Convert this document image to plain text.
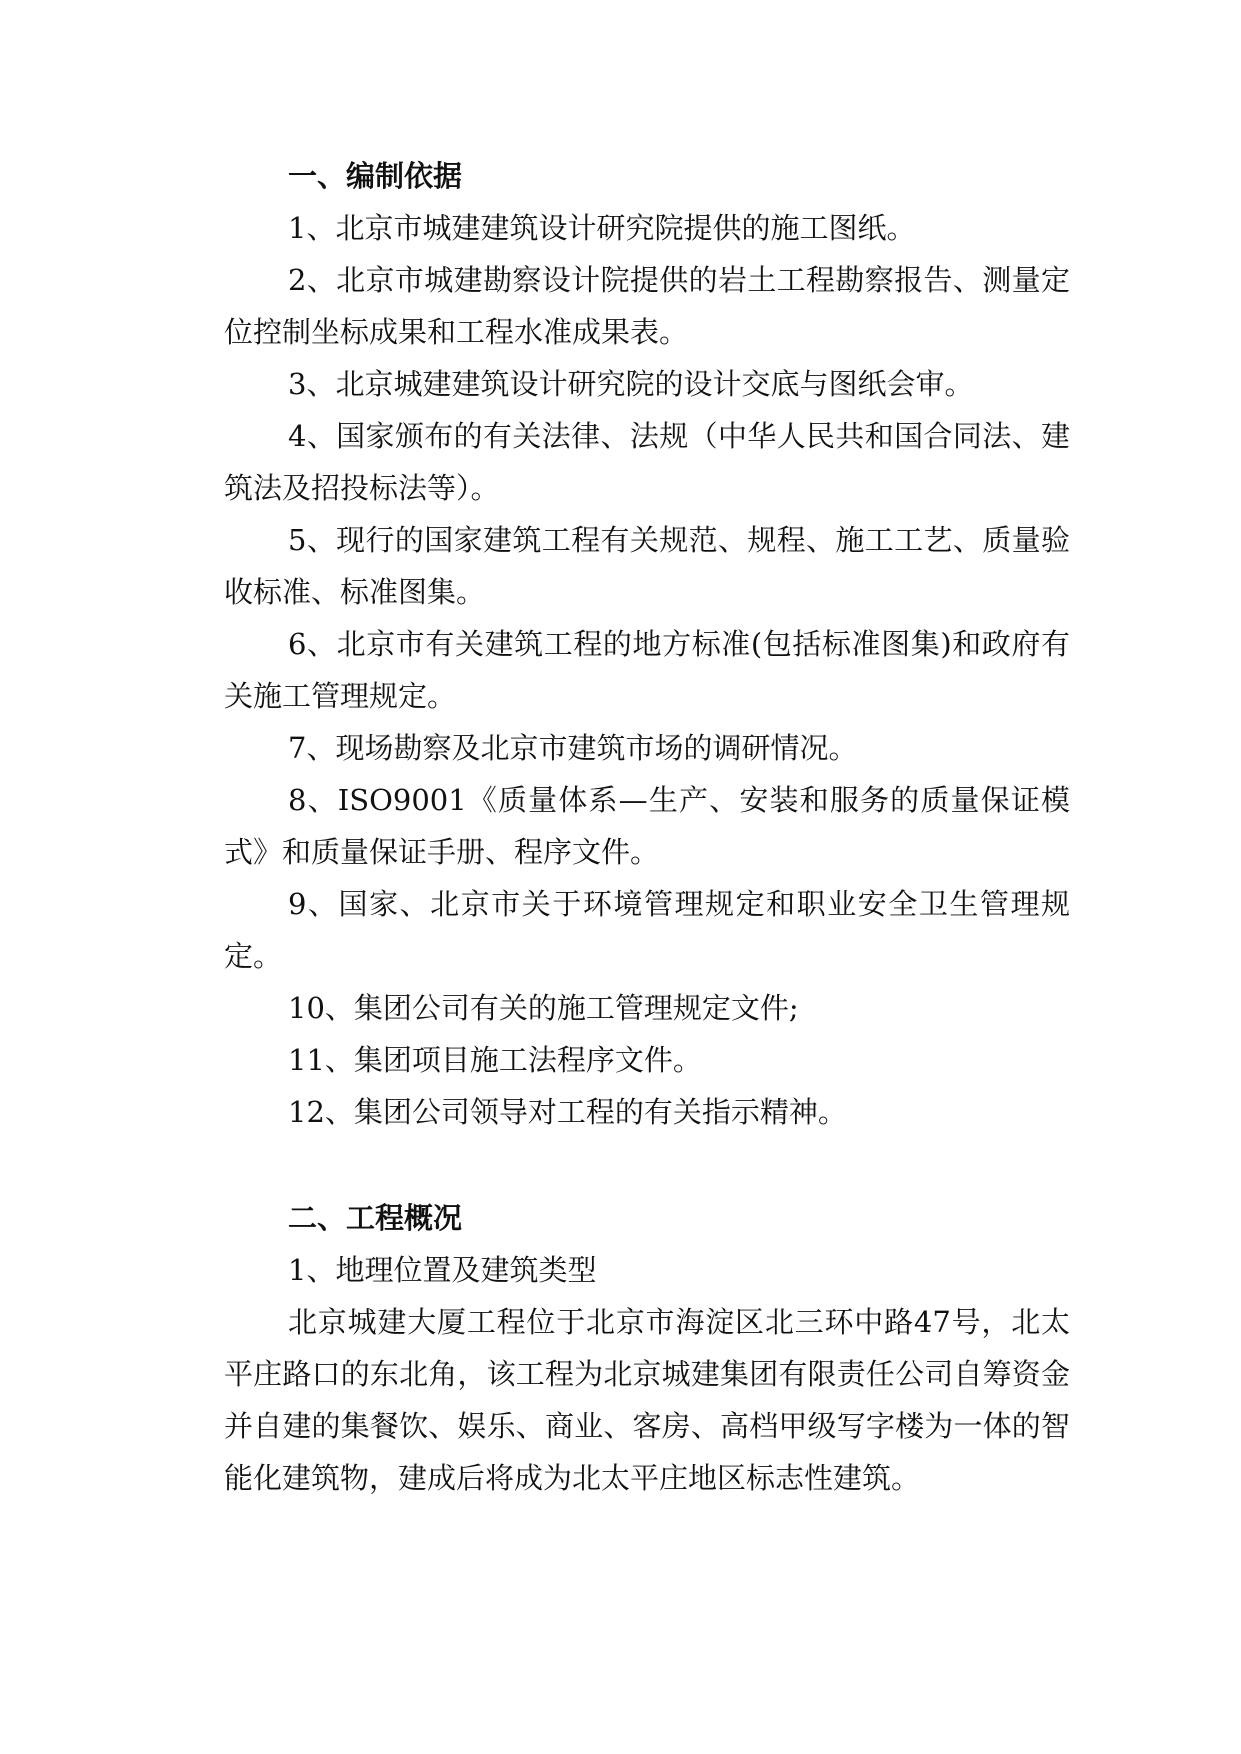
一、编制依据

1、北京市城建建筑设计研究院提供的施工图纸。

2、北京市城建勘察设计院提供的岩土工程勘察报告、测量定位控制坐标成果和工程水准成果表。

3、北京城建建筑设计研究院的设计交底与图纸会审。

4、国家颁布的有关法律、法规（中华人民共和国合同法、建筑法及招投标法等）。

5、现行的国家建筑工程有关规范、规程、施工工艺、质量验收标准、标准图集。

6、北京市有关建筑工程的地方标准(包括标准图集)和政府有关施工管理规定。

7、现场勘察及北京市建筑市场的调研情况。

8、ISO9001《质量体系—生产、安装和服务的质量保证模式》和质量保证手册、程序文件。

9、国家、北京市关于环境管理规定和职业安全卫生管理规定。

10、集团公司有关的施工管理规定文件;

11、集团项目施工法程序文件。

12、集团公司领导对工程的有关指示精神。

二、工程概况

1、地理位置及建筑类型

北京城建大厦工程位于北京市海淀区北三环中路47号，北太平庄路口的东北角，该工程为北京城建集团有限责任公司自筹资金并自建的集餐饮、娱乐、商业、客房、高档甲级写字楼为一体的智能化建筑物，建成后将成为北太平庄地区标志性建筑。
